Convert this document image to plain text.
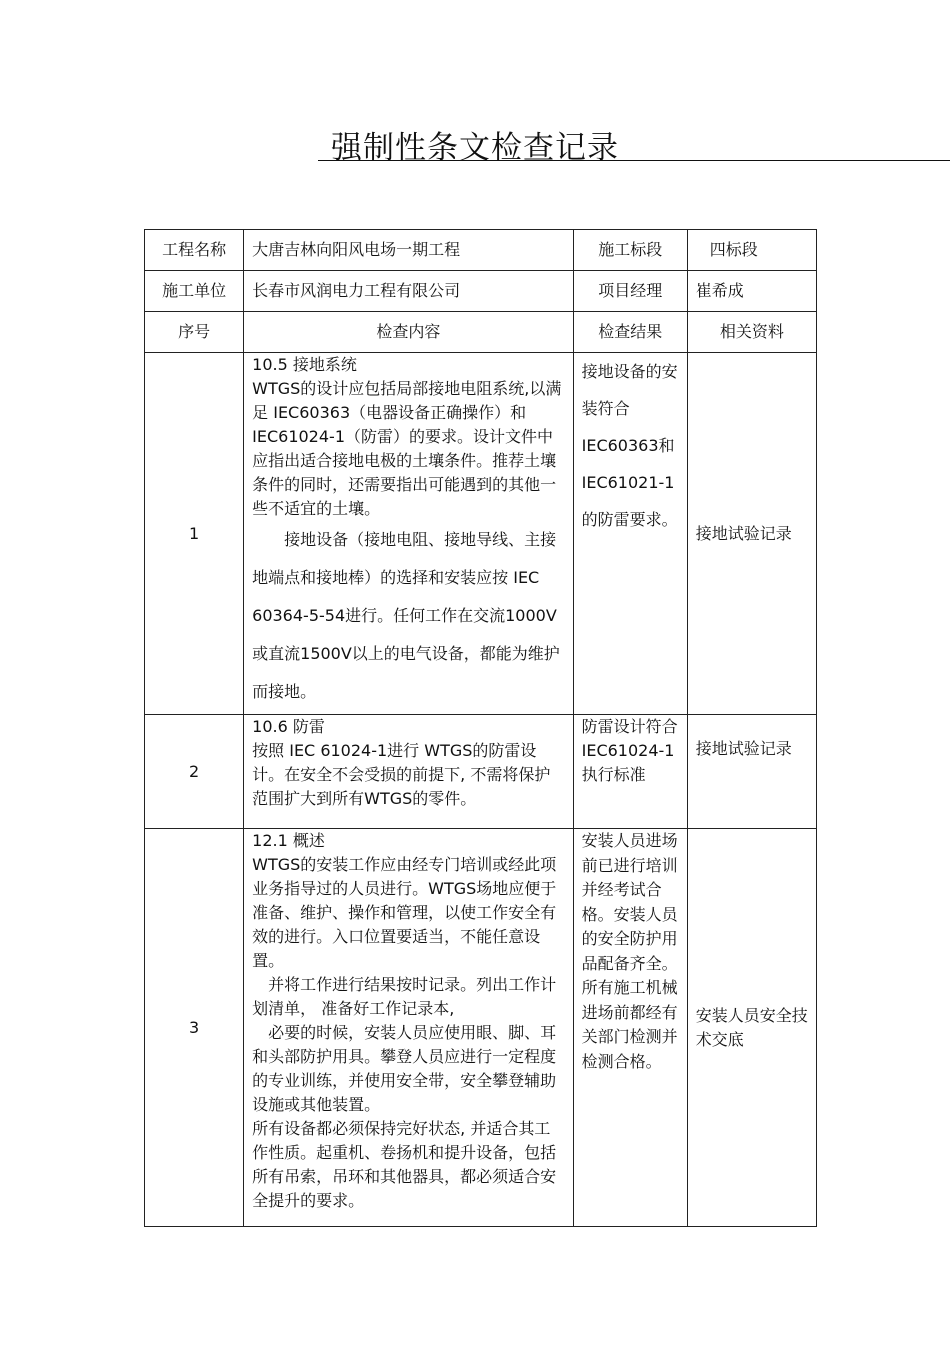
强制性条文检查记录
工程名称	大唐吉林向阳风电场一期工程	施工标段	四标段

施工单位	长春市风润电力工程有限公司	项目经理	崔希成

序号	检查内容	检查结果	相关资料

1	10.5 接地系统
WTGS的设计应包括局部接地电阻系统,以满足 IEC60363（电器设备正确操作）和 IEC61024-1（防雷）的要求。设计文件中应指出适合接地电极的土壤条件。推荐土壤条件的同时，还需要指出可能遇到的其他一些不适宜的土壤。
接地设备（接地电阻、接地导线、主接地端点和接地棒）的选择和安装应按 IEC 60364-5-54进行。任何工作在交流1000V或直流1500V以上的电气设备，都能为维护而接地。	接地设备的安装符合IEC60363和IEC61021-1的防雷要求。	接地试验记录

2	10.6 防雷
按照 IEC 61024-1进行 WTGS的防雷设计。在安全不会受损的前提下, 不需将保护范围扩大到所有WTGS的零件。	防雷设计符合IEC61024-1执行标准	接地试验记录

3	12.1 概述
WTGS的安装工作应由经专门培训或经此项业务指导过的人员进行。WTGS场地应便于准备、维护、操作和管理，以使工作安全有效的进行。入口位置要适当，不能任意设置。
并将工作进行结果按时记录。列出工作计划清单， 准备好工作记录本,
必要的时候，安装人员应使用眼、脚、耳和头部防护用具。攀登人员应进行一定程度的专业训练，并使用安全带，安全攀登辅助设施或其他装置。
所有设备都必须保持完好状态, 并适合其工作性质。起重机、卷扬机和提升设备，包括所有吊索，吊环和其他器具，都必须适合安全提升的要求。	安装人员进场前已进行培训并经考试合格。安装人员的安全防护用品配备齐全。所有施工机械进场前都经有关部门检测并检测合格。	安装人员安全技术交底
